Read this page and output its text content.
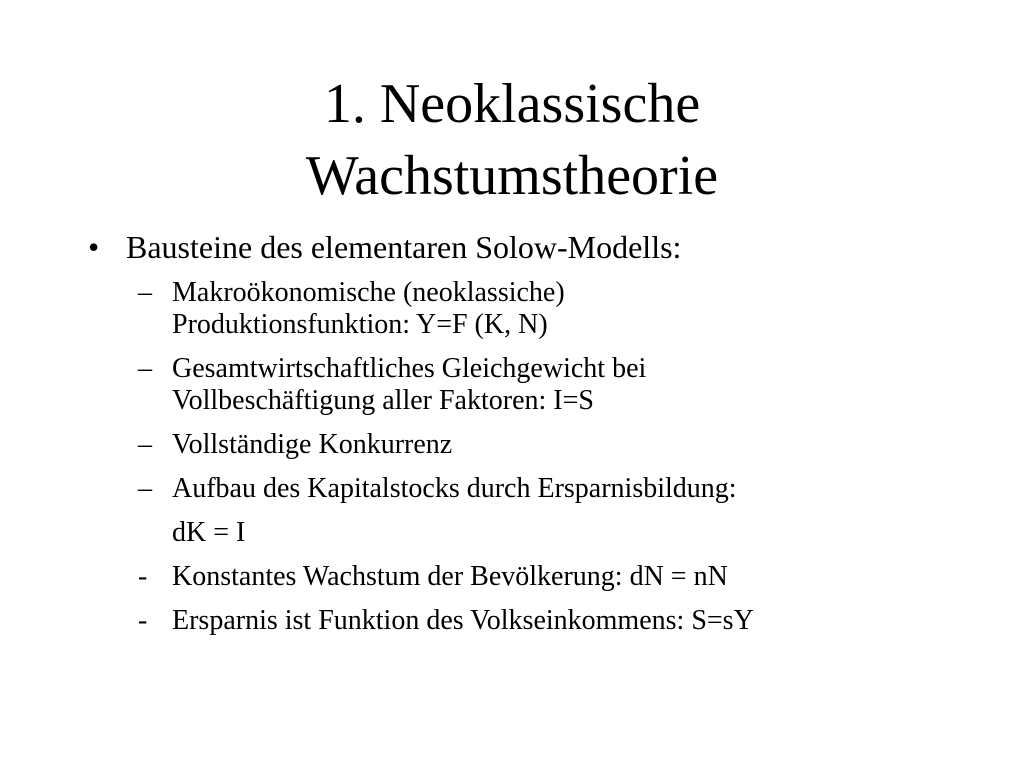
1. Neoklassische
Wachstumstheorie
• Bausteine des elementaren Solow-Modells:
– Makroökonomische (neoklassiche)
Produktionsfunktion: Y=F (K, N)
– Gesamtwirtschaftliches Gleichgewicht bei
Vollbeschäftigung aller Faktoren: I=S
– Vollständige Konkurrenz
– Aufbau des Kapitalstocks durch Ersparnisbildung:
dK = I
- Konstantes Wachstum der Bevölkerung: dN = nN
- Ersparnis ist Funktion des Volkseinkommens: S=sY
